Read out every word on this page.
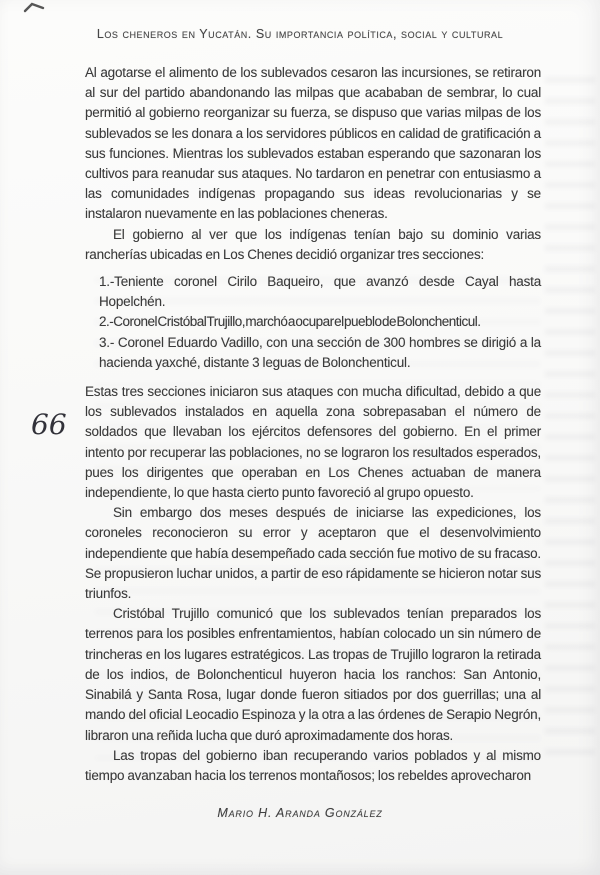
Los cheneros en Yucatán. Su importancia política, social y cultural
66

Al agotarse el alimento de los sublevados cesaron las incursiones, se retiraron al sur del partido abandonando las milpas que acababan de sembrar, lo cual permitió al gobierno reorganizar su fuerza, se dispuso que varias milpas de los sublevados se les donara a los servidores públicos en calidad de gratificación a sus funciones. Mientras los sublevados estaban esperando que sazonaran los cultivos para reanudar sus ataques. No tardaron en penetrar con entusiasmo a las comunidades indígenas propagando sus ideas revolucionarias y se instalaron nuevamente en las poblaciones cheneras.

El gobierno al ver que los indígenas tenían bajo su dominio varias rancherías ubicadas en Los Chenes decidió organizar tres secciones:

1.-Teniente coronel Cirilo Baqueiro, que avanzó desde Cayal hasta Hopelchén.

2.-Coronel Cristóbal Trujillo, marchó a ocupar el pueblo de Bolonchenticul.

3.- Coronel Eduardo Vadillo, con una sección de 300 hombres se dirigió a la hacienda yaxché, distante 3 leguas de Bolonchenticul.

Estas tres secciones iniciaron sus ataques con mucha dificultad, debido a que los sublevados instalados en aquella zona sobrepasaban el número de soldados que llevaban los ejércitos defensores del gobierno. En el primer intento por recuperar las poblaciones, no se lograron los resultados esperados, pues los dirigentes que operaban en Los Chenes actuaban de manera independiente, lo que hasta cierto punto favoreció al grupo opuesto.

Sin embargo dos meses después de iniciarse las expediciones, los coroneles reconocieron su error y aceptaron que el desenvolvimiento independiente que había desempeñado cada sección fue motivo de su fracaso. Se propusieron luchar unidos, a partir de eso rápidamente se hicieron notar sus triunfos.

Cristóbal Trujillo comunicó que los sublevados tenían preparados los terrenos para los posibles enfrentamientos, habían colocado un sin número de trincheras en los lugares estratégicos. Las tropas de Trujillo lograron la retirada de los indios, de Bolonchenticul huyeron hacia los ranchos: San Antonio, Sinabilá y Santa Rosa, lugar donde fueron sitiados por dos guerrillas; una al mando del oficial Leocadio Espinoza y la otra a las órdenes de Serapio Negrón, libraron una reñida lucha que duró aproximadamente dos horas.

Las tropas del gobierno iban recuperando varios poblados y al mismo tiempo avanzaban hacia los terrenos montañosos; los rebeldes aprovecharon

Mario H. Aranda González
